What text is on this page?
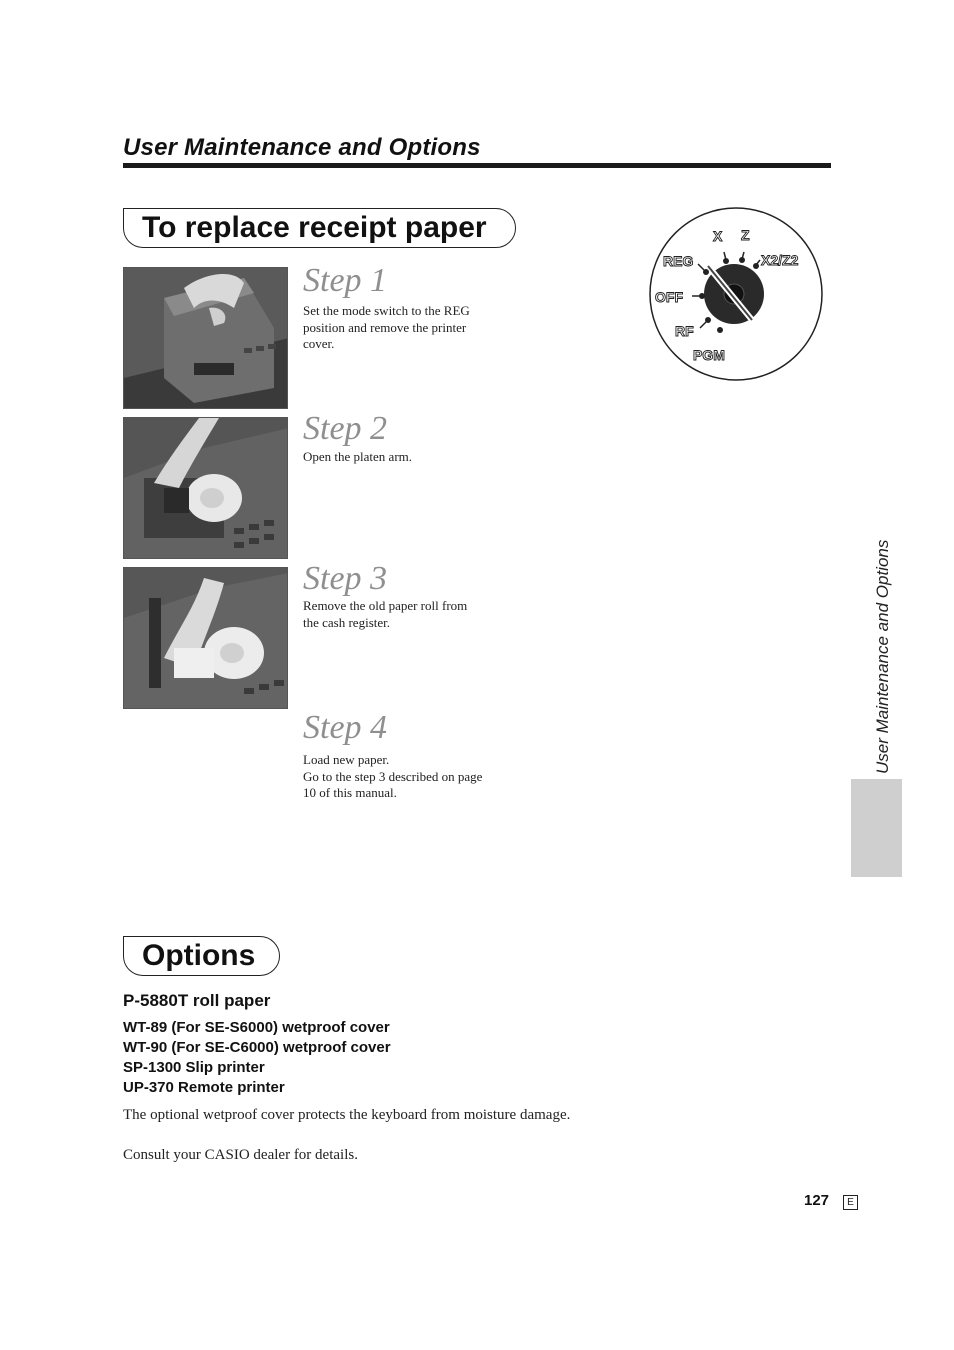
User Maintenance and Options
To replace receipt paper
Step 1
Set the mode switch to the REG position and remove the printer cover.
Step 2
Open the platen arm.
Step 3
Remove the old paper roll from the cash register.
Step 4
Load new paper.
Go to the step 3 described on page 10 of this manual.
X Z
X2/Z2
REG
OFF
RF
PGM
User Maintenance and Options
Options
P-5880T roll paper
WT-89 (For SE-S6000) wetproof cover
WT-90 (For SE-C6000) wetproof cover
SP-1300 Slip printer
UP-370 Remote printer
The optional wetproof cover protects the keyboard from moisture damage.
Consult your CASIO dealer for details.
127	E
